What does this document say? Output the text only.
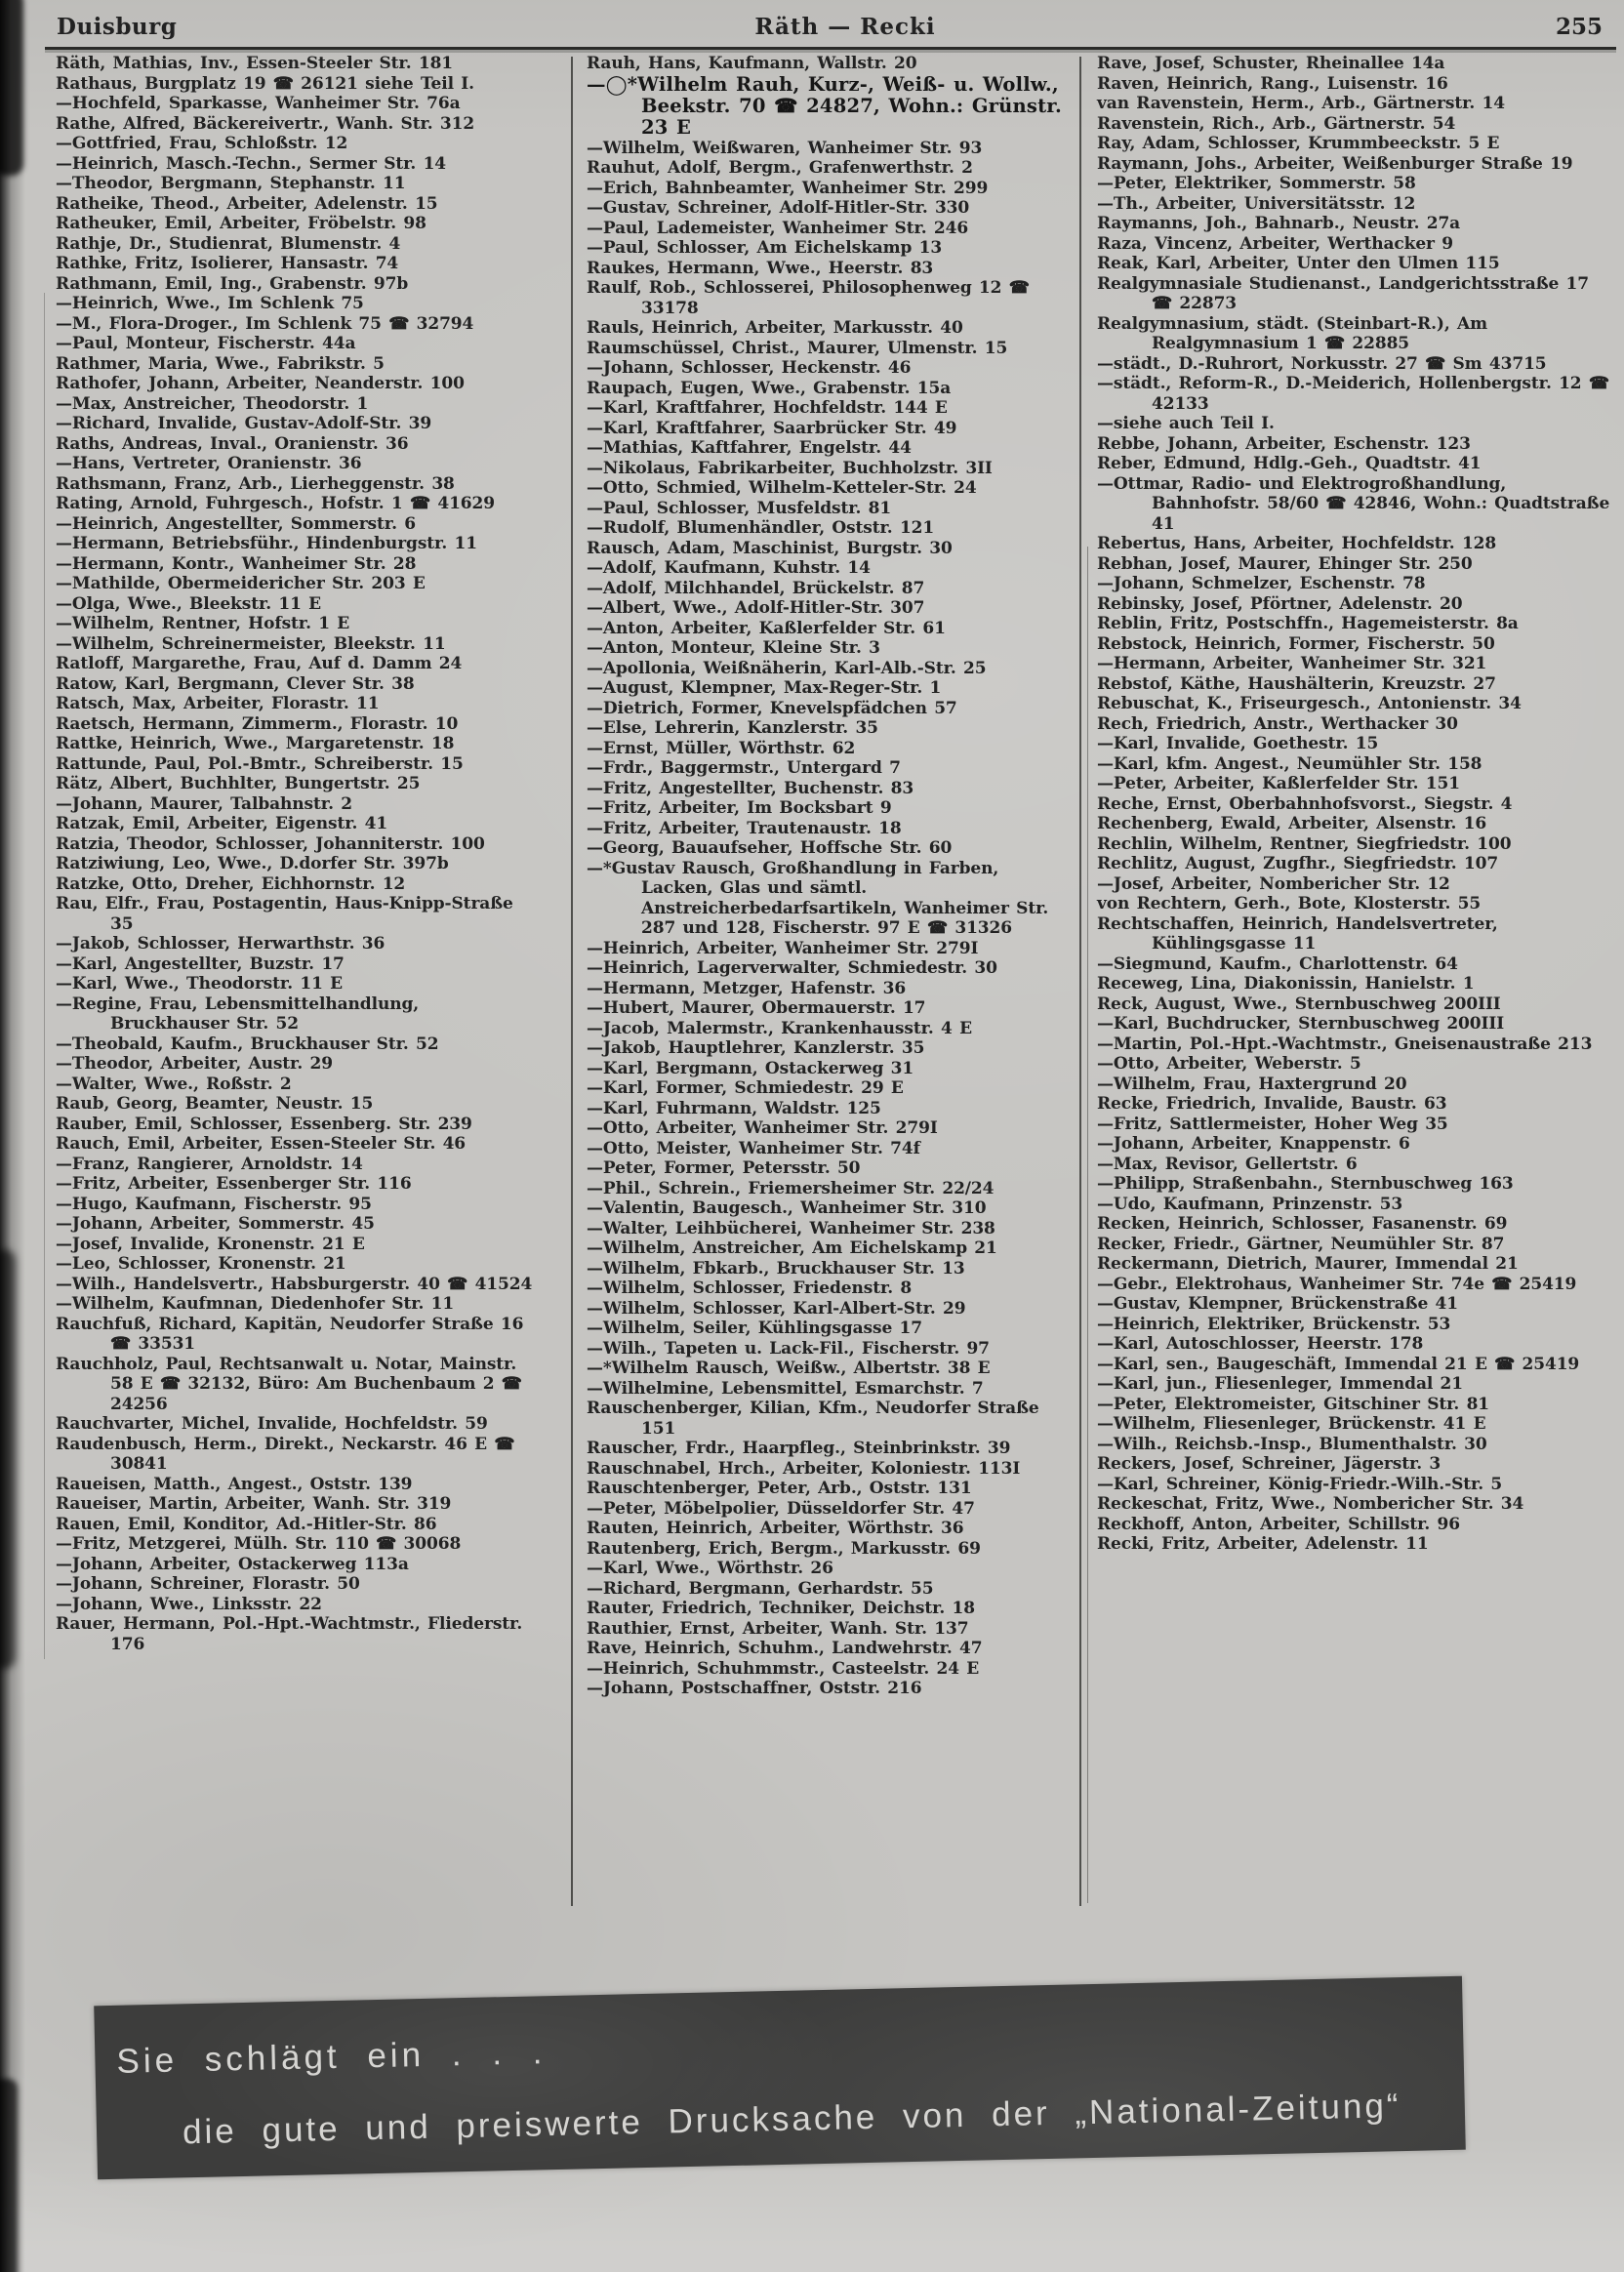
Duisburg	Räth — Recki	255

Räth, Mathias, Inv., Essen-Steeler Str. 181

Rathaus, Burgplatz 19 ☎ 26121 siehe Teil I.

—Hochfeld, Sparkasse, Wanheimer Str. 76a

Rathe, Alfred, Bäckereivertr., Wanh. Str. 312

—Gottfried, Frau, Schloßstr. 12

—Heinrich, Masch.-Techn., Sermer Str. 14

—Theodor, Bergmann, Stephanstr. 11

Ratheike, Theod., Arbeiter, Adelenstr. 15

Ratheuker, Emil, Arbeiter, Fröbelstr. 98

Rathje, Dr., Studienrat, Blumenstr. 4

Rathke, Fritz, Isolierer, Hansastr. 74

Rathmann, Emil, Ing., Grabenstr. 97b

—Heinrich, Wwe., Im Schlenk 75

—M., Flora-Droger., Im Schlenk 75 ☎ 32794

—Paul, Monteur, Fischerstr. 44a

Rathmer, Maria, Wwe., Fabrikstr. 5

Rathofer, Johann, Arbeiter, Neanderstr. 100

—Max, Anstreicher, Theodorstr. 1

—Richard, Invalide, Gustav-Adolf-Str. 39

Raths, Andreas, Inval., Oranienstr. 36

—Hans, Vertreter, Oranienstr. 36

Rathsmann, Franz, Arb., Lierheggenstr. 38

Rating, Arnold, Fuhrgesch., Hofstr. 1 ☎ 41629

—Heinrich, Angestellter, Sommerstr. 6

—Hermann, Betriebsführ., Hindenburgstr. 11

—Hermann, Kontr., Wanheimer Str. 28

—Mathilde, Obermeidericher Str. 203 E

—Olga, Wwe., Bleekstr. 11 E

—Wilhelm, Rentner, Hofstr. 1 E

—Wilhelm, Schreinermeister, Bleekstr. 11

Ratloff, Margarethe, Frau, Auf d. Damm 24

Ratow, Karl, Bergmann, Clever Str. 38

Ratsch, Max, Arbeiter, Florastr. 11

Raetsch, Hermann, Zimmerm., Florastr. 10

Rattke, Heinrich, Wwe., Margaretenstr. 18

Rattunde, Paul, Pol.-Bmtr., Schreiberstr. 15

Rätz, Albert, Buchhlter, Bungertstr. 25

—Johann, Maurer, Talbahnstr. 2

Ratzak, Emil, Arbeiter, Eigenstr. 41

Ratzia, Theodor, Schlosser, Johanniterstr. 100

Ratziwiung, Leo, Wwe., D.dorfer Str. 397b

Ratzke, Otto, Dreher, Eichhornstr. 12

Rau, Elfr., Frau, Postagentin, Haus-Knipp-Straße 35

—Jakob, Schlosser, Herwarthstr. 36

—Karl, Angestellter, Buzstr. 17

—Karl, Wwe., Theodorstr. 11 E

—Regine, Frau, Lebensmittelhandlung, Bruckhauser Str. 52

—Theobald, Kaufm., Bruckhauser Str. 52

—Theodor, Arbeiter, Austr. 29

—Walter, Wwe., Roßstr. 2

Raub, Georg, Beamter, Neustr. 15

Rauber, Emil, Schlosser, Essenberg. Str. 239

Rauch, Emil, Arbeiter, Essen-Steeler Str. 46

—Franz, Rangierer, Arnoldstr. 14

—Fritz, Arbeiter, Essenberger Str. 116

—Hugo, Kaufmann, Fischerstr. 95

—Johann, Arbeiter, Sommerstr. 45

—Josef, Invalide, Kronenstr. 21 E

—Leo, Schlosser, Kronenstr. 21

—Wilh., Handelsvertr., Habsburgerstr. 40 ☎ 41524

—Wilhelm, Kaufmnan, Diedenhofer Str. 11

Rauchfuß, Richard, Kapitän, Neudorfer Straße 16 ☎ 33531

Rauchholz, Paul, Rechtsanwalt u. Notar, Mainstr. 58 E ☎ 32132, Büro: Am Buchenbaum 2 ☎ 24256

Rauchvarter, Michel, Invalide, Hochfeldstr. 59

Raudenbusch, Herm., Direkt., Neckarstr. 46 E ☎ 30841

Raueisen, Matth., Angest., Oststr. 139

Raueiser, Martin, Arbeiter, Wanh. Str. 319

Rauen, Emil, Konditor, Ad.-Hitler-Str. 86

—Fritz, Metzgerei, Mülh. Str. 110 ☎ 30068

—Johann, Arbeiter, Ostackerweg 113a

—Johann, Schreiner, Florastr. 50

—Johann, Wwe., Linksstr. 22

Rauer, Hermann, Pol.-Hpt.-Wachtmstr., Fliederstr. 176

Rauh, Hans, Kaufmann, Wallstr. 20

—◯*Wilhelm Rauh, Kurz-, Weiß- u. Wollw., Beekstr. 70 ☎ 24827, Wohn.: Grünstr. 23 E

—Wilhelm, Weißwaren, Wanheimer Str. 93

Rauhut, Adolf, Bergm., Grafenwerthstr. 2

—Erich, Bahnbeamter, Wanheimer Str. 299

—Gustav, Schreiner, Adolf-Hitler-Str. 330

—Paul, Lademeister, Wanheimer Str. 246

—Paul, Schlosser, Am Eichelskamp 13

Raukes, Hermann, Wwe., Heerstr. 83

Raulf, Rob., Schlosserei, Philosophenweg 12 ☎ 33178

Rauls, Heinrich, Arbeiter, Markusstr. 40

Raumschüssel, Christ., Maurer, Ulmenstr. 15

—Johann, Schlosser, Heckenstr. 46

Raupach, Eugen, Wwe., Grabenstr. 15a

—Karl, Kraftfahrer, Hochfeldstr. 144 E

—Karl, Kraftfahrer, Saarbrücker Str. 49

—Mathias, Kaftfahrer, Engelstr. 44

—Nikolaus, Fabrikarbeiter, Buchholzstr. 3II

—Otto, Schmied, Wilhelm-Ketteler-Str. 24

—Paul, Schlosser, Musfeldstr. 81

—Rudolf, Blumenhändler, Oststr. 121

Rausch, Adam, Maschinist, Burgstr. 30

—Adolf, Kaufmann, Kuhstr. 14

—Adolf, Milchhandel, Brückelstr. 87

—Albert, Wwe., Adolf-Hitler-Str. 307

—Anton, Arbeiter, Kaßlerfelder Str. 61

—Anton, Monteur, Kleine Str. 3

—Apollonia, Weißnäherin, Karl-Alb.-Str. 25

—August, Klempner, Max-Reger-Str. 1

—Dietrich, Former, Knevelspfädchen 57

—Else, Lehrerin, Kanzlerstr. 35

—Ernst, Müller, Wörthstr. 62

—Frdr., Baggermstr., Untergard 7

—Fritz, Angestellter, Buchenstr. 83

—Fritz, Arbeiter, Im Bocksbart 9

—Fritz, Arbeiter, Trautenaustr. 18

—Georg, Bauaufseher, Hoffsche Str. 60

—*Gustav Rausch, Großhandlung in Farben, Lacken, Glas und sämtl. Anstreicherbedarfsartikeln, Wanheimer Str. 287 und 128, Fischerstr. 97 E ☎ 31326

—Heinrich, Arbeiter, Wanheimer Str. 279I

—Heinrich, Lagerverwalter, Schmiedestr. 30

—Hermann, Metzger, Hafenstr. 36

—Hubert, Maurer, Obermauerstr. 17

—Jacob, Malermstr., Krankenhausstr. 4 E

—Jakob, Hauptlehrer, Kanzlerstr. 35

—Karl, Bergmann, Ostackerweg 31

—Karl, Former, Schmiedestr. 29 E

—Karl, Fuhrmann, Waldstr. 125

—Otto, Arbeiter, Wanheimer Str. 279I

—Otto, Meister, Wanheimer Str. 74f

—Peter, Former, Petersstr. 50

—Phil., Schrein., Friemersheimer Str. 22/24

—Valentin, Baugesch., Wanheimer Str. 310

—Walter, Leihbücherei, Wanheimer Str. 238

—Wilhelm, Anstreicher, Am Eichelskamp 21

—Wilhelm, Fbkarb., Bruckhauser Str. 13

—Wilhelm, Schlosser, Friedenstr. 8

—Wilhelm, Schlosser, Karl-Albert-Str. 29

—Wilhelm, Seiler, Kühlingsgasse 17

—Wilh., Tapeten u. Lack-Fil., Fischerstr. 97

—*Wilhelm Rausch, Weißw., Albertstr. 38 E

—Wilhelmine, Lebensmittel, Esmarchstr. 7

Rauschenberger, Kilian, Kfm., Neudorfer Straße 151

Rauscher, Frdr., Haarpfleg., Steinbrinkstr. 39

Rauschnabel, Hrch., Arbeiter, Koloniestr. 113I

Rauschtenberger, Peter, Arb., Oststr. 131

—Peter, Möbelpolier, Düsseldorfer Str. 47

Rauten, Heinrich, Arbeiter, Wörthstr. 36

Rautenberg, Erich, Bergm., Markusstr. 69

—Karl, Wwe., Wörthstr. 26

—Richard, Bergmann, Gerhardstr. 55

Rauter, Friedrich, Techniker, Deichstr. 18

Rauthier, Ernst, Arbeiter, Wanh. Str. 137

Rave, Heinrich, Schuhm., Landwehrstr. 47

—Heinrich, Schuhmmstr., Casteelstr. 24 E

—Johann, Postschaffner, Oststr. 216

Rave, Josef, Schuster, Rheinallee 14a

Raven, Heinrich, Rang., Luisenstr. 16

van Ravenstein, Herm., Arb., Gärtnerstr. 14

Ravenstein, Rich., Arb., Gärtnerstr. 54

Ray, Adam, Schlosser, Krummbeeckstr. 5 E

Raymann, Johs., Arbeiter, Weißenburger Straße 19

—Peter, Elektriker, Sommerstr. 58

—Th., Arbeiter, Universitätsstr. 12

Raymanns, Joh., Bahnarb., Neustr. 27a

Raza, Vincenz, Arbeiter, Werthacker 9

Reak, Karl, Arbeiter, Unter den Ulmen 115

Realgymnasiale Studienanst., Landgerichtsstraße 17 ☎ 22873

Realgymnasium, städt. (Steinbart-R.), Am Realgymnasium 1 ☎ 22885

—städt., D.-Ruhrort, Norkusstr. 27 ☎ Sm 43715

—städt., Reform-R., D.-Meiderich, Hollenbergstr. 12 ☎ 42133

—siehe auch Teil I.

Rebbe, Johann, Arbeiter, Eschenstr. 123

Reber, Edmund, Hdlg.-Geh., Quadtstr. 41

—Ottmar, Radio- und Elektrogroßhandlung, Bahnhofstr. 58/60 ☎ 42846, Wohn.: Quadtstraße 41

Rebertus, Hans, Arbeiter, Hochfeldstr. 128

Rebhan, Josef, Maurer, Ehinger Str. 250

—Johann, Schmelzer, Eschenstr. 78

Rebinsky, Josef, Pförtner, Adelenstr. 20

Reblin, Fritz, Postschffn., Hagemeisterstr. 8a

Rebstock, Heinrich, Former, Fischerstr. 50

—Hermann, Arbeiter, Wanheimer Str. 321

Rebstof, Käthe, Haushälterin, Kreuzstr. 27

Rebuschat, K., Friseurgesch., Antonienstr. 34

Rech, Friedrich, Anstr., Werthacker 30

—Karl, Invalide, Goethestr. 15

—Karl, kfm. Angest., Neumühler Str. 158

—Peter, Arbeiter, Kaßlerfelder Str. 151

Reche, Ernst, Oberbahnhofsvorst., Siegstr. 4

Rechenberg, Ewald, Arbeiter, Alsenstr. 16

Rechlin, Wilhelm, Rentner, Siegfriedstr. 100

Rechlitz, August, Zugfhr., Siegfriedstr. 107

—Josef, Arbeiter, Nombericher Str. 12

von Rechtern, Gerh., Bote, Klosterstr. 55

Rechtschaffen, Heinrich, Handelsvertreter, Kühlingsgasse 11

—Siegmund, Kaufm., Charlottenstr. 64

Receweg, Lina, Diakonissin, Hanielstr. 1

Reck, August, Wwe., Sternbuschweg 200III

—Karl, Buchdrucker, Sternbuschweg 200III

—Martin, Pol.-Hpt.-Wachtmstr., Gneisenaustraße 213

—Otto, Arbeiter, Weberstr. 5

—Wilhelm, Frau, Haxtergrund 20

Recke, Friedrich, Invalide, Baustr. 63

—Fritz, Sattlermeister, Hoher Weg 35

—Johann, Arbeiter, Knappenstr. 6

—Max, Revisor, Gellertstr. 6

—Philipp, Straßenbahn., Sternbuschweg 163

—Udo, Kaufmann, Prinzenstr. 53

Recken, Heinrich, Schlosser, Fasanenstr. 69

Recker, Friedr., Gärtner, Neumühler Str. 87

Reckermann, Dietrich, Maurer, Immendal 21

—Gebr., Elektrohaus, Wanheimer Str. 74e ☎ 25419

—Gustav, Klempner, Brückenstraße 41

—Heinrich, Elektriker, Brückenstr. 53

—Karl, Autoschlosser, Heerstr. 178

—Karl, sen., Baugeschäft, Immendal 21 E ☎ 25419

—Karl, jun., Fliesenleger, Immendal 21

—Peter, Elektromeister, Gitschiner Str. 81

—Wilhelm, Fliesenleger, Brückenstr. 41 E

—Wilh., Reichsb.-Insp., Blumenthalstr. 30

Reckers, Josef, Schreiner, Jägerstr. 3

—Karl, Schreiner, König-Friedr.-Wilh.-Str. 5

Reckeschat, Fritz, Wwe., Nombericher Str. 34

Reckhoff, Anton, Arbeiter, Schillstr. 96

Recki, Fritz, Arbeiter, Adelenstr. 11

Sie schlägt ein . . .
die gute und preiswerte Drucksache von der „National-Zeitung“
